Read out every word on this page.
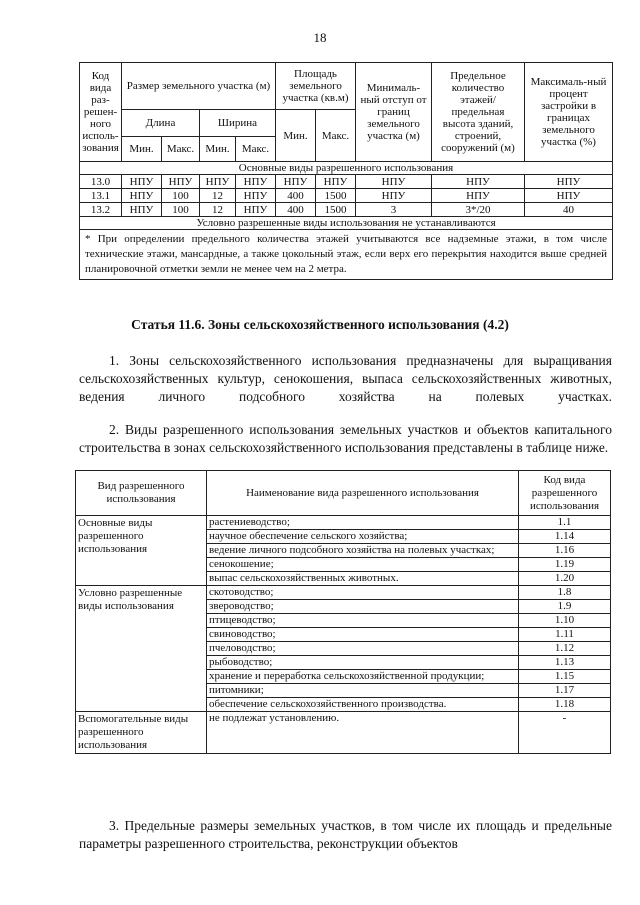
18
Код вида раз-решен-ного исполь-зования	Размер земельного участка (м)				Площадь земельного участка (кв.м)		Минималь-ный отступ от границ земельного участка (м)	Предельное количество этажей/ предельная высота зданий, строений, сооружений (м)	Максималь-ный процент застройки в границах земельного участка (%)
	Длина		Ширина		Мин.	Макс.			
	Мин.	Макс.	Мин.	Макс.					
Основные виды разрешенного использования									
13.0	НПУ	НПУ	НПУ	НПУ	НПУ	НПУ	НПУ	НПУ	НПУ
13.1	НПУ	100	12	НПУ	400	1500	НПУ	НПУ	НПУ
13.2	НПУ	100	12	НПУ	400	1500	3	3*/20	40
Условно разрешенные виды использования не устанавливаются									
* При определении предельного количества этажей учитываются все надземные этажи, в том числе технические этажи, мансардные, а также цокольный этаж, если верх его перекрытия находится выше средней планировочной отметки земли не менее чем на 2 метра.									
Статья 11.6. Зоны сельскохозяйственного использования (4.2)
1. Зоны сельскохозяйственного использования предназначены для выращивания сельскохозяйственных культур, сенокошения, выпаса сельскохозяйственных животных, ведения личного подсобного хозяйства на полевых участках.
2. Виды разрешенного использования земельных участков и объектов капитального строительства в зонах сельскохозяйственного использования представлены в таблице ниже.
Вид разрешенного использования	Наименование вида разрешенного использования	Код вида разрешенного использования
Основные виды разрешенного использования	растениеводство;	1.1
	научное обеспечение сельского хозяйства;	1.14
	ведение личного подсобного хозяйства на полевых участках;	1.16
	сенокошение;	1.19
	выпас сельскохозяйственных животных.	1.20
Условно разрешенные виды использования	скотоводство;	1.8
	звероводство;	1.9
	птицеводство;	1.10
	свиноводство;	1.11
	пчеловодство;	1.12
	рыбоводство;	1.13
	хранение и переработка сельскохозяйственной продукции;	1.15
	питомники;	1.17
	обеспечение сельскохозяйственного производства.	1.18
Вспомогательные виды разрешенного использования	не подлежат установлению.	-
3. Предельные размеры земельных участков, в том числе их площадь и предельные параметры разрешенного строительства, реконструкции объектов
